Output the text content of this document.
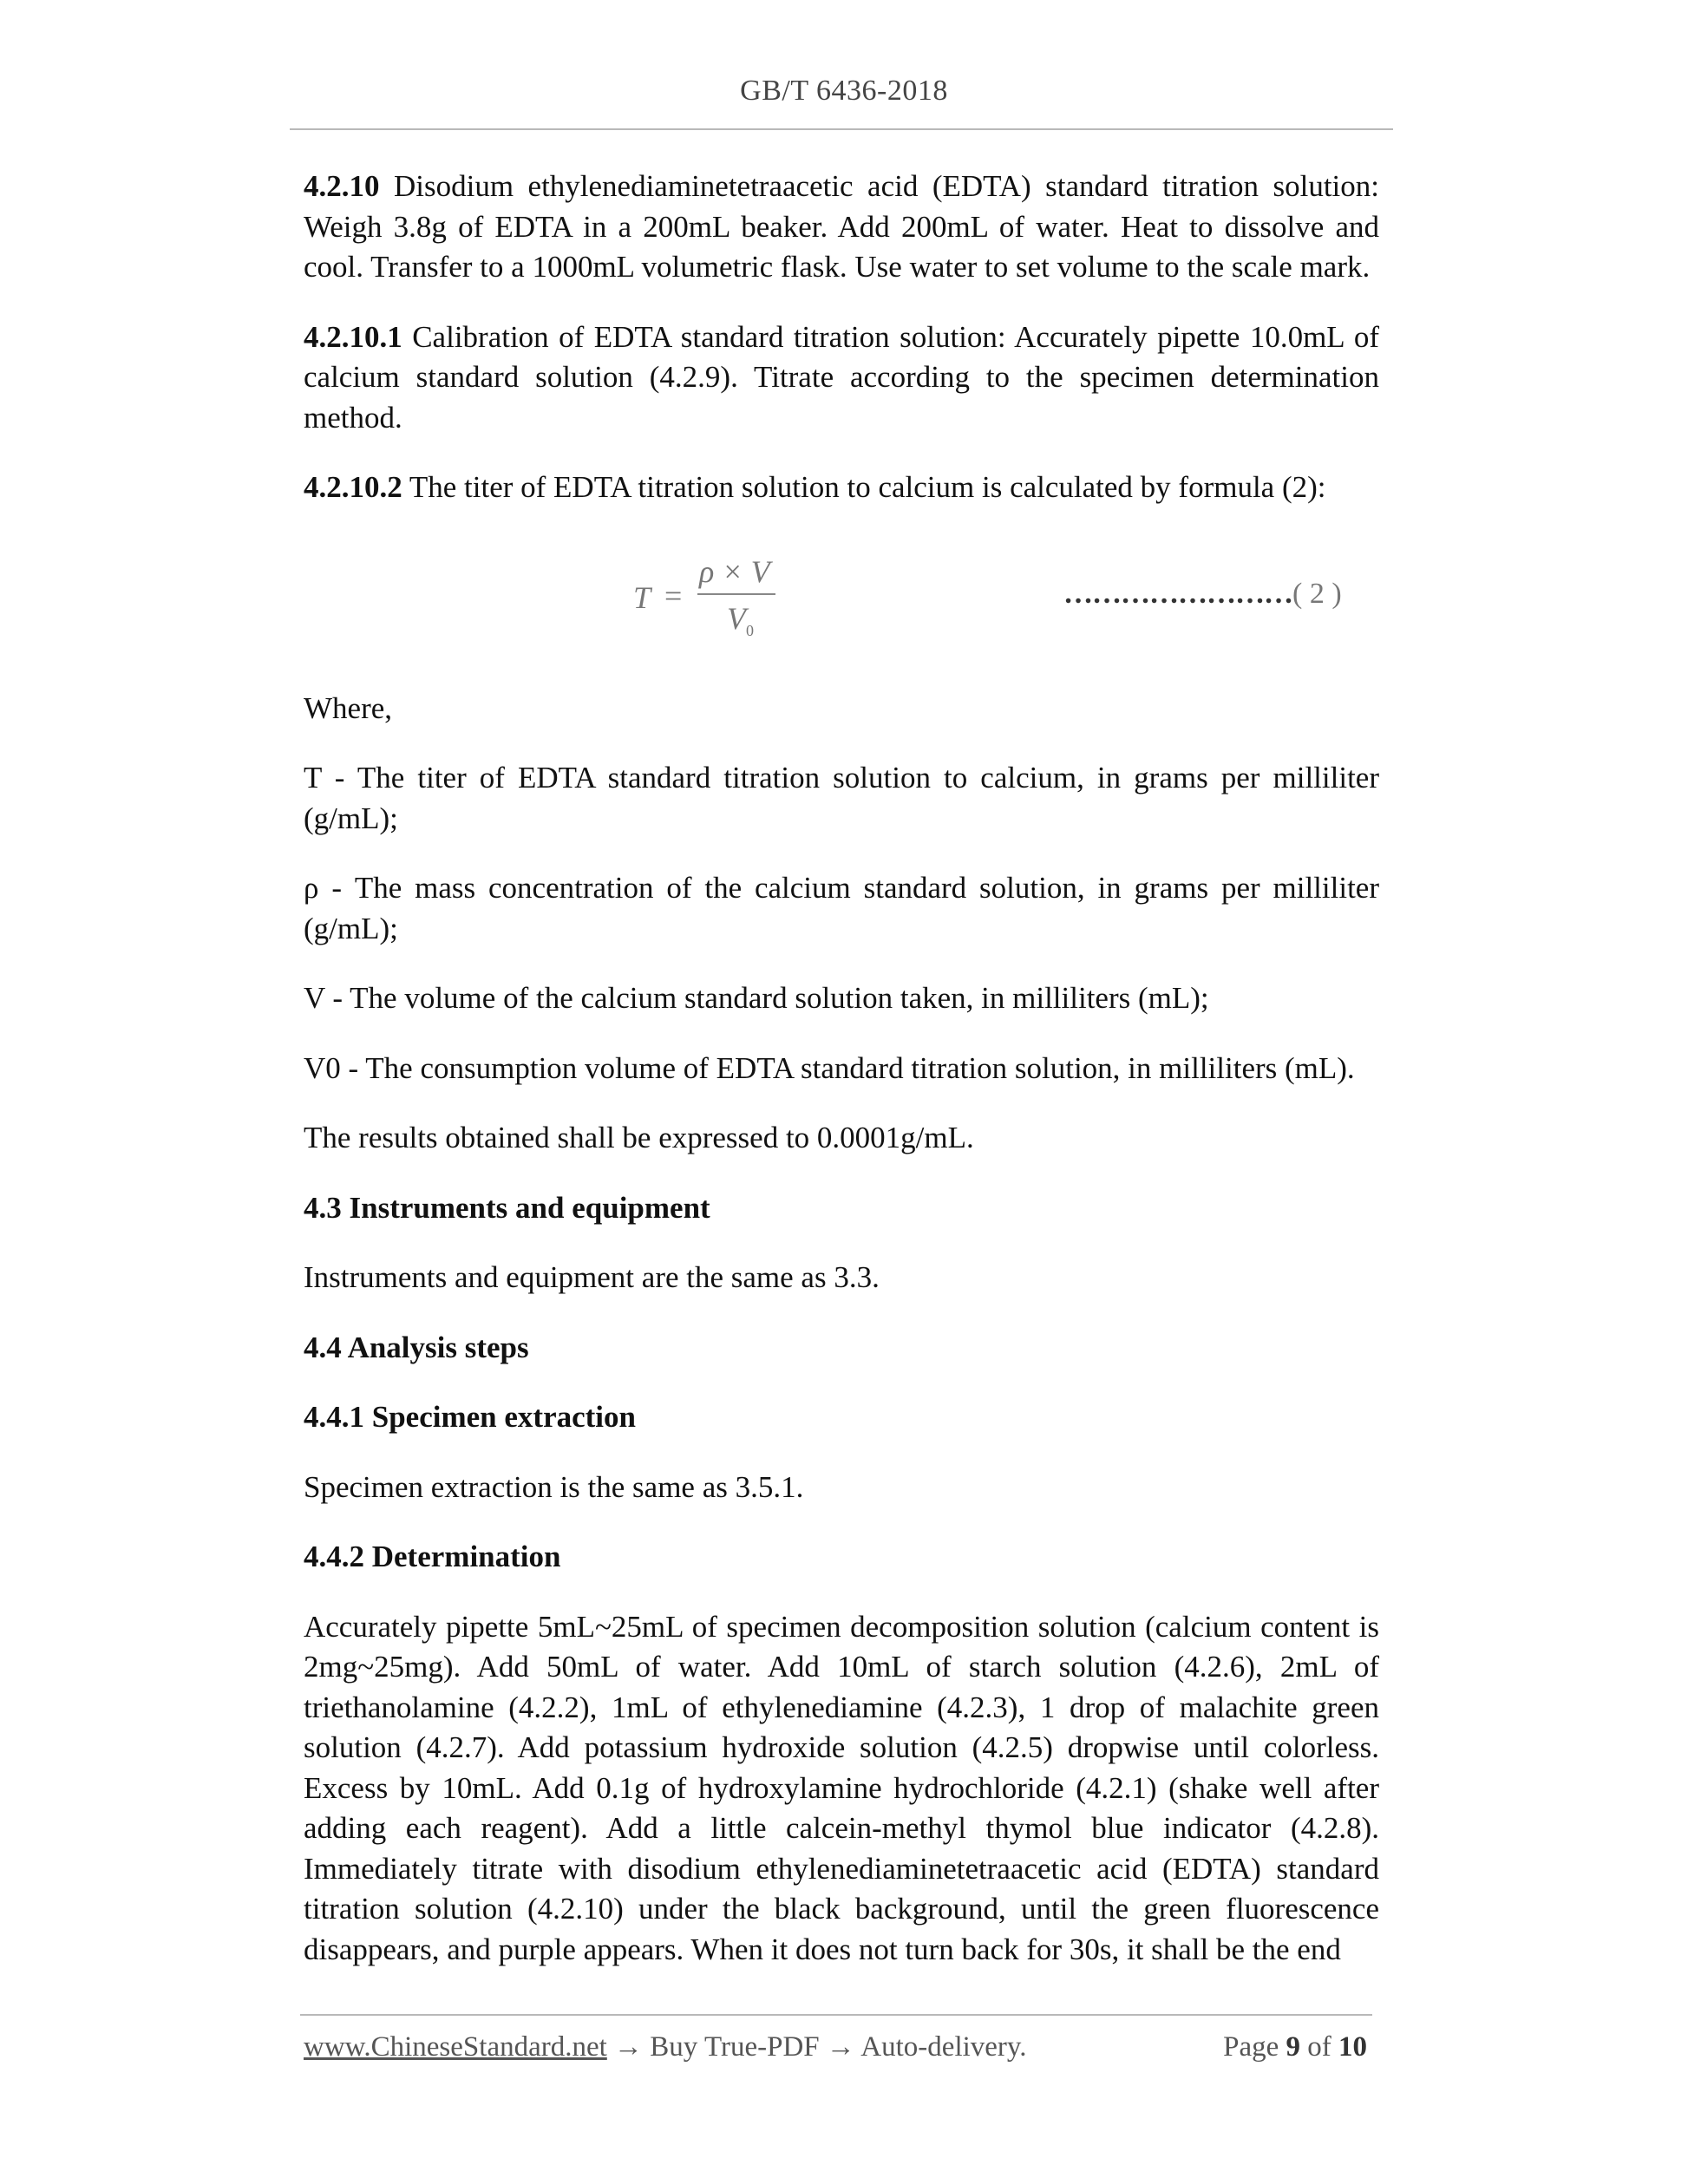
GB/T 6436-2018

4.2.10 Disodium ethylenediaminetetraacetic acid (EDTA) standard titration solution: Weigh 3.8g of EDTA in a 200mL beaker. Add 200mL of water. Heat to dissolve and cool. Transfer to a 1000mL volumetric flask. Use water to set volume to the scale mark.

4.2.10.1 Calibration of EDTA standard titration solution: Accurately pipette 10.0mL of calcium standard solution (4.2.9). Titrate according to the specimen determination method.

4.2.10.2 The titer of EDTA titration solution to calcium is calculated by formula (2):

T =
ρ × V
$V_0$
……………………( 2 )

Where,

T - The titer of EDTA standard titration solution to calcium, in grams per milliliter (g/mL);

ρ - The mass concentration of the calcium standard solution, in grams per milliliter (g/mL);

V - The volume of the calcium standard solution taken, in milliliters (mL);

V0 - The consumption volume of EDTA standard titration solution, in milliliters (mL).

The results obtained shall be expressed to 0.0001g/mL.

4.3 Instruments and equipment

Instruments and equipment are the same as 3.3.

4.4 Analysis steps

4.4.1 Specimen extraction

Specimen extraction is the same as 3.5.1.

4.4.2 Determination

Accurately pipette 5mL~25mL of specimen decomposition solution (calcium content is 2mg~25mg). Add 50mL of water. Add 10mL of starch solution (4.2.6), 2mL of triethanolamine (4.2.2), 1mL of ethylenediamine (4.2.3), 1 drop of malachite green solution (4.2.7). Add potassium hydroxide solution (4.2.5) dropwise until colorless. Excess by 10mL. Add 0.1g of hydroxylamine hydrochloride (4.2.1) (shake well after adding each reagent). Add a little calcein-methyl thymol blue indicator (4.2.8). Immediately titrate with disodium ethylenediaminetetraacetic acid (EDTA) standard titration solution (4.2.10) under the black background, until the green fluorescence disappears, and purple appears. When it does not turn back for 30s, it shall be the end

www.ChineseStandard.net → Buy True-PDF → Auto-delivery.	Page 9 of 10
